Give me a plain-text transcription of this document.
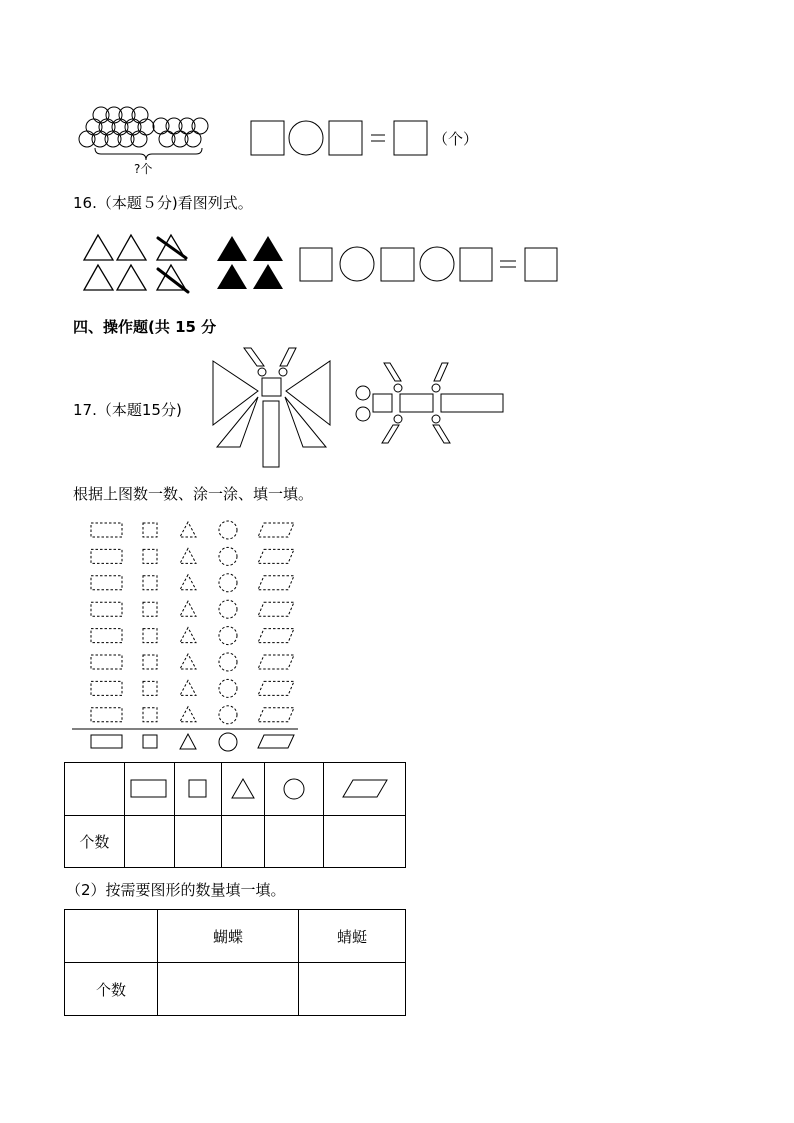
?个
（个）
16.（本题５分)看图列式。
四、操作题(共 15 分
17.（本题15分)
根据上图数一数、涂一涂、填一填。

个数					
（2）按需要图形的数量填一填。
	蝴蝶	蜻蜓
个数		
